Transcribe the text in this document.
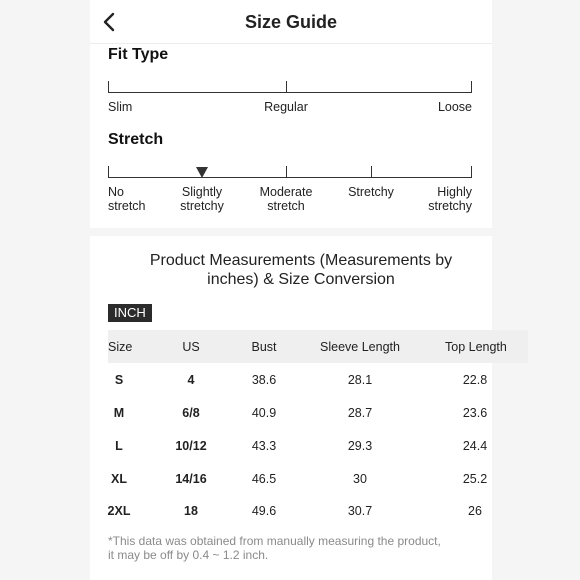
Size Guide
Fit Type
Slim	Regular	Loose
Stretch
No
stretch
Slightly
stretchy
Moderate
stretch
Stretchy	Highly
stretchy
Product Measurements (Measurements by
inches) & Size Conversion
INCH
Size	US	Bust	Sleeve Length	Top Length
S	4	38.6	28.1	22.8
M	6/8	40.9	28.7	23.6
L	10/12	43.3	29.3	24.4
XL	14/16	46.5	30	25.2
2XL	18	49.6	30.7	26
*This data was obtained from manually measuring the product,
it may be off by 0.4 ~ 1.2 inch.
